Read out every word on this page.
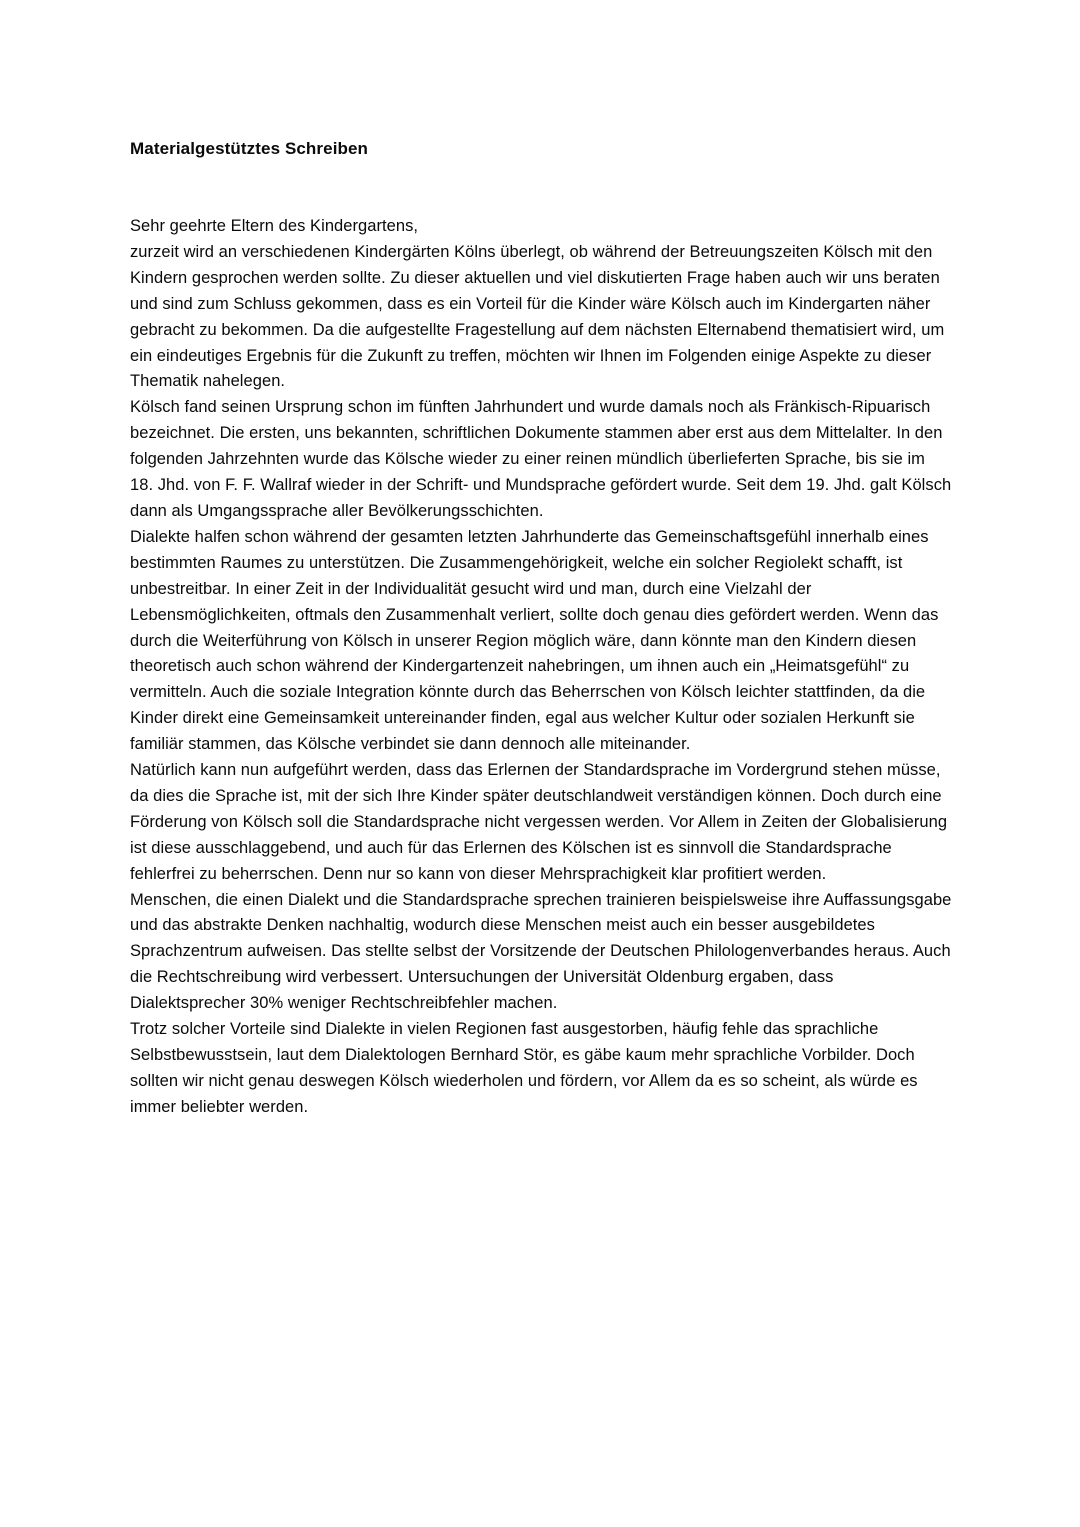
Materialgestütztes Schreiben

Sehr geehrte Eltern des Kindergartens,

zurzeit wird an verschiedenen Kindergärten Kölns überlegt, ob während der Betreuungszeiten Kölsch mit den Kindern gesprochen werden sollte. Zu dieser aktuellen und viel diskutierten Frage haben auch wir uns beraten und sind zum Schluss gekommen, dass es ein Vorteil für die Kinder wäre Kölsch auch im Kindergarten näher gebracht zu bekommen. Da die aufgestellte Fragestellung auf dem nächsten Elternabend thematisiert wird, um ein eindeutiges Ergebnis für die Zukunft zu treffen, möchten wir Ihnen im Folgenden einige Aspekte zu dieser Thematik nahelegen.

Kölsch fand seinen Ursprung schon im fünften Jahrhundert und wurde damals noch als Fränkisch-Ripuarisch bezeichnet. Die ersten, uns bekannten, schriftlichen Dokumente stammen aber erst aus dem Mittelalter. In den folgenden Jahrzehnten wurde das Kölsche wieder zu einer reinen mündlich überlieferten Sprache, bis sie im 18. Jhd. von F. F. Wallraf wieder in der Schrift- und Mundsprache gefördert wurde. Seit dem 19. Jhd. galt Kölsch dann als Umgangssprache aller Bevölkerungsschichten.

Dialekte halfen schon während der gesamten letzten Jahrhunderte das Gemeinschaftsgefühl innerhalb eines bestimmten Raumes zu unterstützen. Die Zusammengehörigkeit, welche ein solcher Regiolekt schafft, ist unbestreitbar. In einer Zeit in der Individualität gesucht wird und man, durch eine Vielzahl der Lebensmöglichkeiten, oftmals den Zusammenhalt verliert, sollte doch genau dies gefördert werden. Wenn das durch die Weiterführung von Kölsch in unserer Region möglich wäre, dann könnte man den Kindern diesen theoretisch auch schon während der Kindergartenzeit nahebringen, um ihnen auch ein „Heimatsgefühl“ zu vermitteln. Auch die soziale Integration könnte durch das Beherrschen von Kölsch leichter stattfinden, da die Kinder direkt eine Gemeinsamkeit untereinander finden, egal aus welcher Kultur oder sozialen Herkunft sie familiär stammen, das Kölsche verbindet sie dann dennoch alle miteinander.

Natürlich kann nun aufgeführt werden, dass das Erlernen der Standardsprache im Vordergrund stehen müsse, da dies die Sprache ist, mit der sich Ihre Kinder später deutschlandweit verständigen können. Doch durch eine Förderung von Kölsch soll die Standardsprache nicht vergessen werden. Vor Allem in Zeiten der Globalisierung ist diese ausschlaggebend, und auch für das Erlernen des Kölschen ist es sinnvoll die Standardsprache fehlerfrei zu beherrschen. Denn nur so kann von dieser Mehrsprachigkeit klar profitiert werden.

Menschen, die einen Dialekt und die Standardsprache sprechen trainieren beispielsweise ihre Auffassungsgabe und das abstrakte Denken nachhaltig, wodurch diese Menschen meist auch ein besser ausgebildetes Sprachzentrum aufweisen. Das stellte selbst der Vorsitzende der Deutschen Philologenverbandes heraus. Auch die Rechtschreibung wird verbessert. Untersuchungen der Universität Oldenburg ergaben, dass Dialektsprecher 30% weniger Rechtschreibfehler machen.

Trotz solcher Vorteile sind Dialekte in vielen Regionen fast ausgestorben, häufig fehle das sprachliche Selbstbewusstsein, laut dem Dialektologen Bernhard Stör, es gäbe kaum mehr sprachliche Vorbilder. Doch sollten wir nicht genau deswegen Kölsch wiederholen und fördern, vor Allem da es so scheint, als würde es immer beliebter werden.
